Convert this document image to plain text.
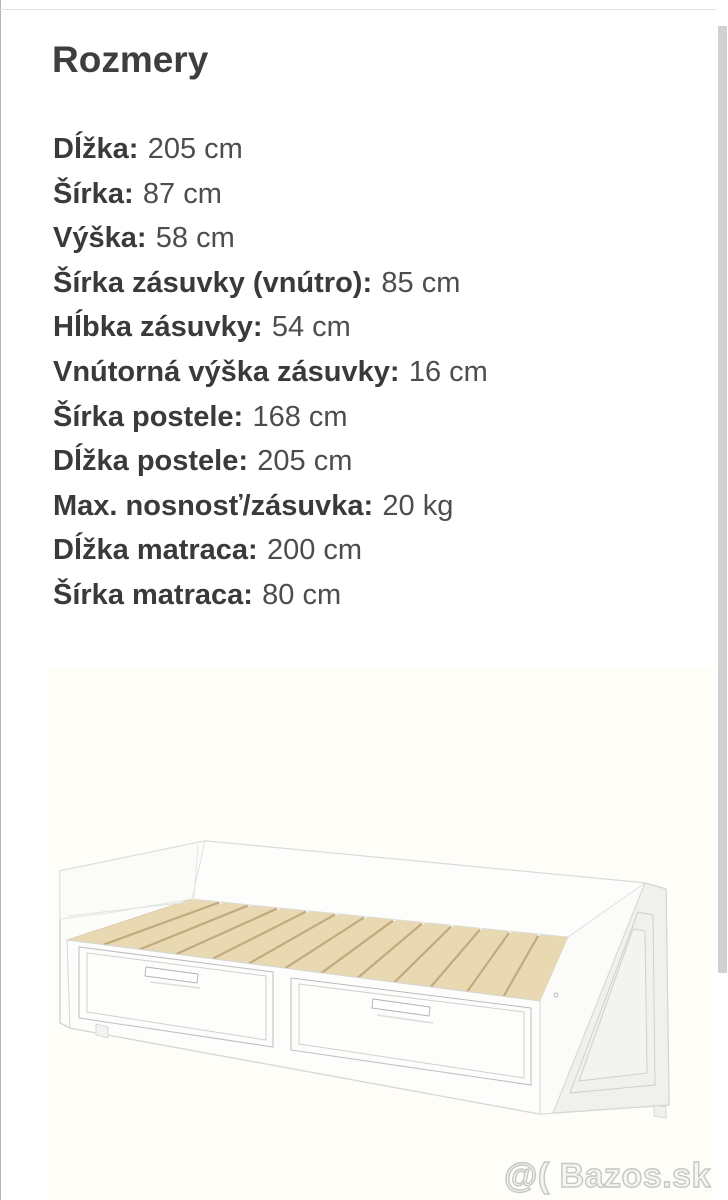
Rozmery
Dĺžka: 205 cm
Šírka: 87 cm
Výška: 58 cm
Šírka zásuvky (vnútro): 85 cm
Hĺbka zásuvky: 54 cm
Vnútorná výška zásuvky: 16 cm
Šírka postele: 168 cm
Dĺžka postele: 205 cm
Max. nosnosť/zásuvka: 20 kg
Dĺžka matraca: 200 cm
Šírka matraca: 80 cm
@( Bazos.sk
